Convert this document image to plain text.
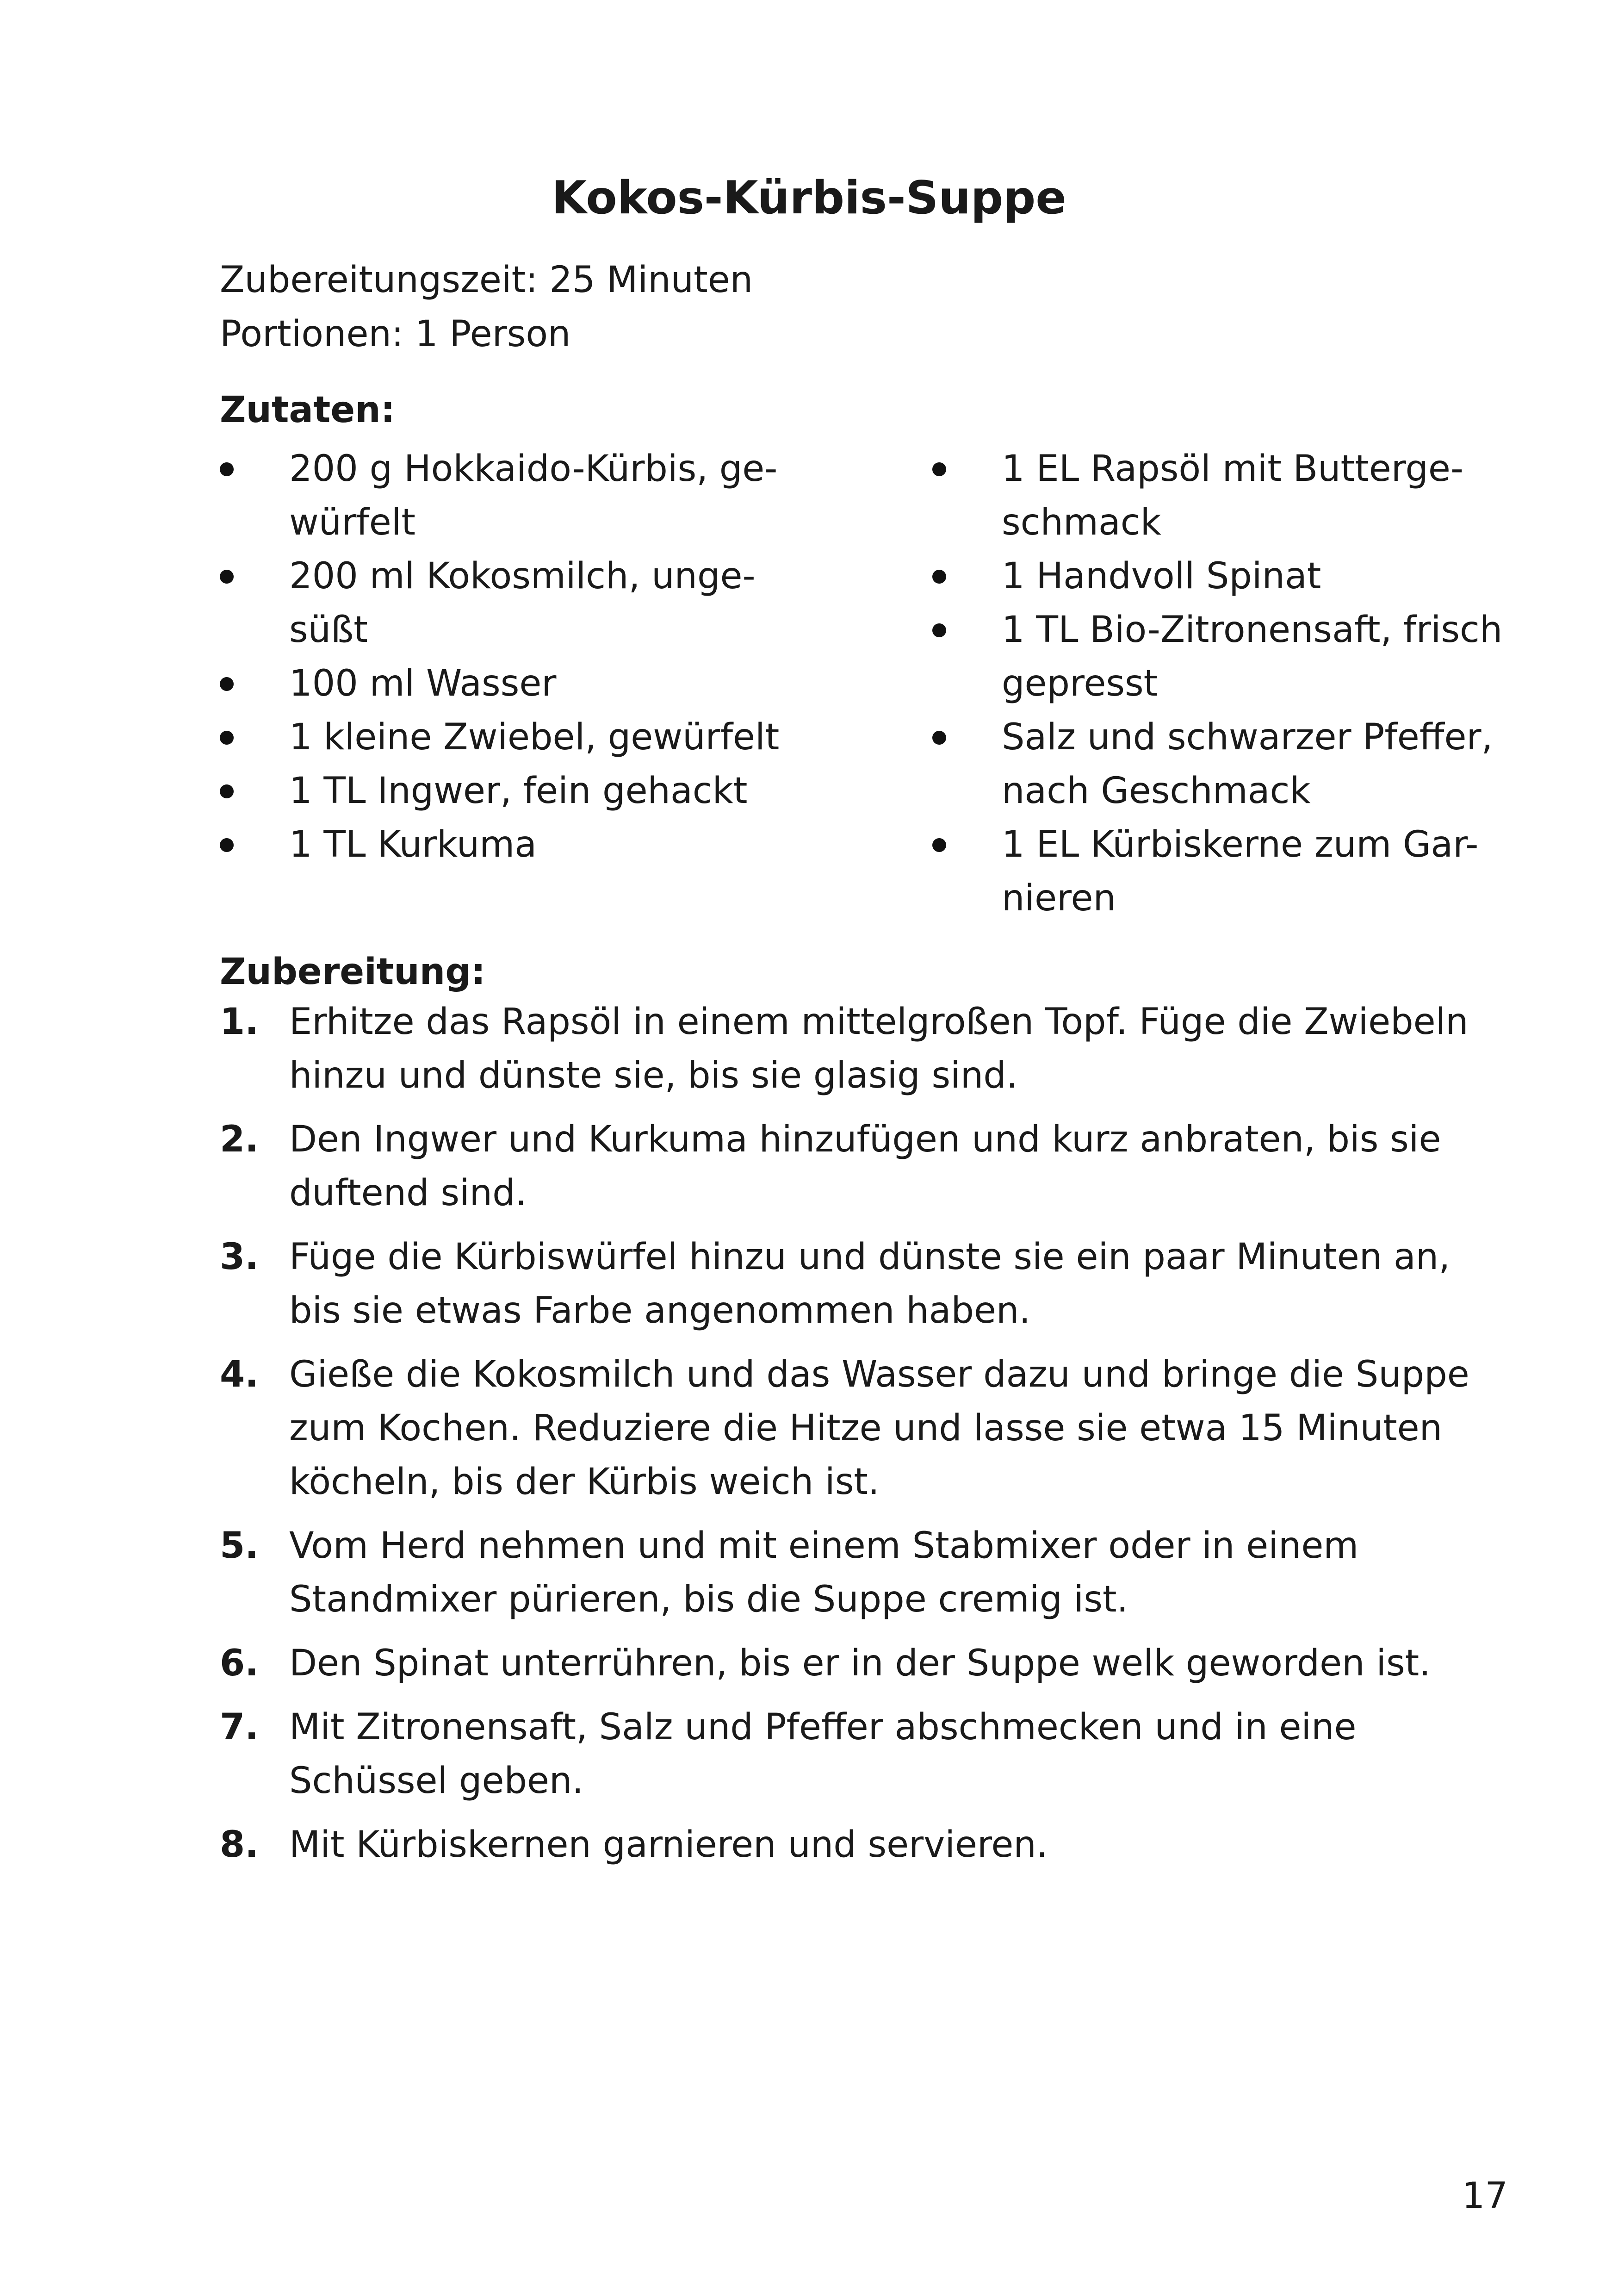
Kokos-Kürbis-Suppe

Zubereitungszeit: 25 Minuten

Portionen: 1 Person

Zutaten:

200 g Hokkaido-Kürbis, ge-würfelt
200 ml Kokosmilch, unge-süßt
100 ml Wasser
1 kleine Zwiebel, gewürfelt
1 TL Ingwer, fein gehackt
1 TL Kurkuma
1 EL Rapsöl mit Butterge-schmack
1 Handvoll Spinat
1 TL Bio-Zitronensaft, frisch gepresst
Salz und schwarzer Pfeffer, nach Geschmack
1 EL Kürbiskerne zum Gar-nieren

Zubereitung:

1. Erhitze das Rapsöl in einem mittelgroßen Topf. Füge die Zwiebeln hinzu und dünste sie, bis sie glasig sind.
2. Den Ingwer und Kurkuma hinzufügen und kurz anbraten, bis sie duftend sind.
3. Füge die Kürbiswürfel hinzu und dünste sie ein paar Minuten an, bis sie etwas Farbe angenommen haben.
4. Gieße die Kokosmilch und das Wasser dazu und bringe die Suppe zum Kochen. Reduziere die Hitze und lasse sie etwa 15 Minuten köcheln, bis der Kürbis weich ist.
5. Vom Herd nehmen und mit einem Stabmixer oder in einem Standmixer pürieren, bis die Suppe cremig ist.
6. Den Spinat unterrühren, bis er in der Suppe welk geworden ist.
7. Mit Zitronensaft, Salz und Pfeffer abschmecken und in eine Schüssel geben.
8. Mit Kürbiskernen garnieren und servieren.

17
